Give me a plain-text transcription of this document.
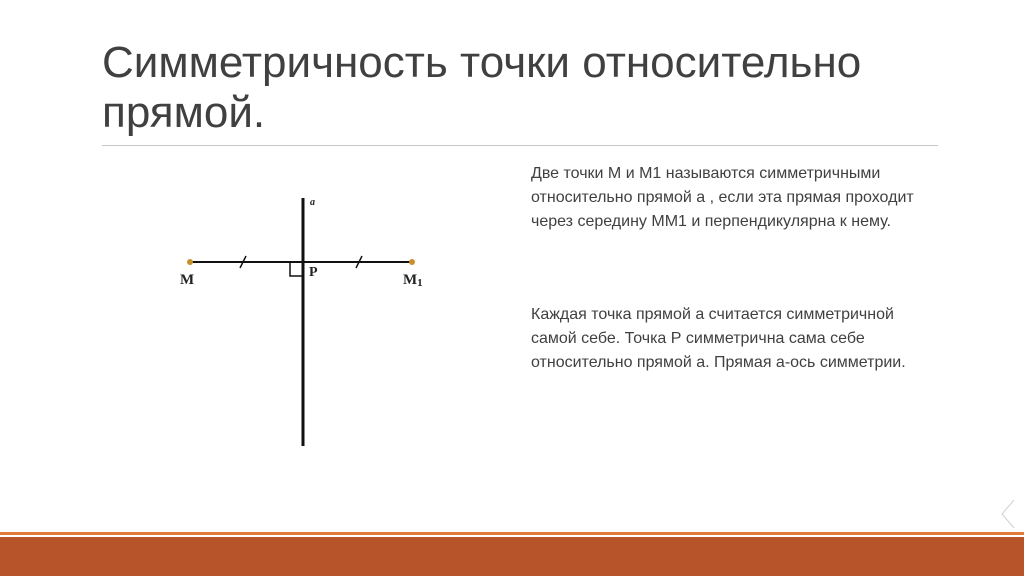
Симметричность точки относительно прямой.
a
M	P	M1
Две точки М и М1 называются симметричными относительно прямой а , если эта прямая проходит через середину ММ1 и перпендикулярна к нему.
Каждая точка прямой а считается симметричной самой себе. Точка Р симметрична сама себе относительно прямой а. Прямая а-ось симметрии.
